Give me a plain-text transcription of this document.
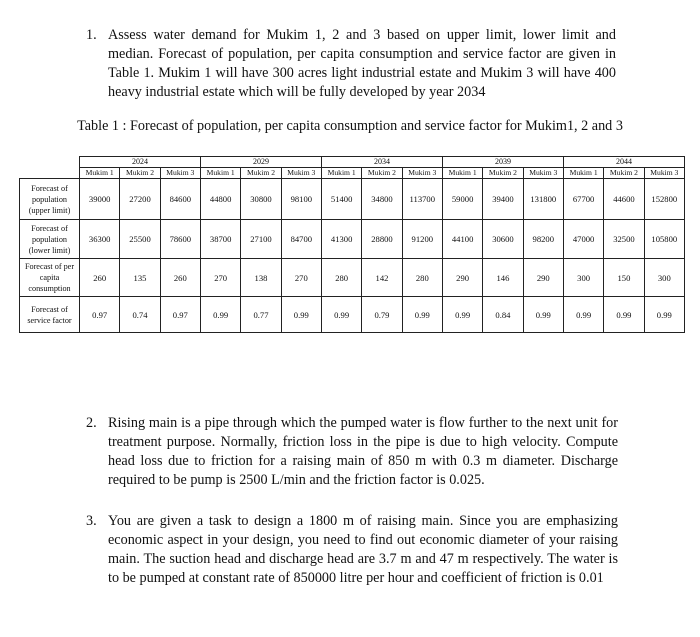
1. Assess water demand for Mukim 1, 2 and 3 based on upper limit, lower limit and median. Forecast of population, per capita consumption and service factor are given in Table 1. Mukim 1 will have 300 acres light industrial estate and Mukim 3 will have 400 heavy industrial estate which will be fully developed by year 2034
Table 1 : Forecast of population, per capita consumption and service factor for Mukim1, 2 and 3
	2024			2029			2034			2039			2044		
	Mukim 1	Mukim 2	Mukim 3	Mukim 1	Mukim 2	Mukim 3	Mukim 1	Mukim 2	Mukim 3	Mukim 1	Mukim 2	Mukim 3	Mukim 1	Mukim 2	Mukim 3
Forecast of population (upper limit)	39000	27200	84600	44800	30800	98100	51400	34800	113700	59000	39400	131800	67700	44600	152800
Forecast of population (lower limit)	36300	25500	78600	38700	27100	84700	41300	28800	91200	44100	30600	98200	47000	32500	105800
Forecast of per capita consumption	260	135	260	270	138	270	280	142	280	290	146	290	300	150	300
Forecast of service factor	0.97	0.74	0.97	0.99	0.77	0.99	0.99	0.79	0.99	0.99	0.84	0.99	0.99	0.99	0.99
2. Rising main is a pipe through which the pumped water is flow further to the next unit for treatment purpose. Normally, friction loss in the pipe is due to high velocity. Compute head loss due to friction for a raising main of 850 m with 0.3 m diameter. Discharge required to be pump is 2500 L/min and the friction factor is 0.025.
3. You are given a task to design a 1800 m of raising main. Since you are emphasizing economic aspect in your design, you need to find out economic diameter of your raising main. The suction head and discharge head are 3.7 m and 47 m respectively. The water is to be pumped at constant rate of 850000 litre per hour and coefficient of friction is 0.01
